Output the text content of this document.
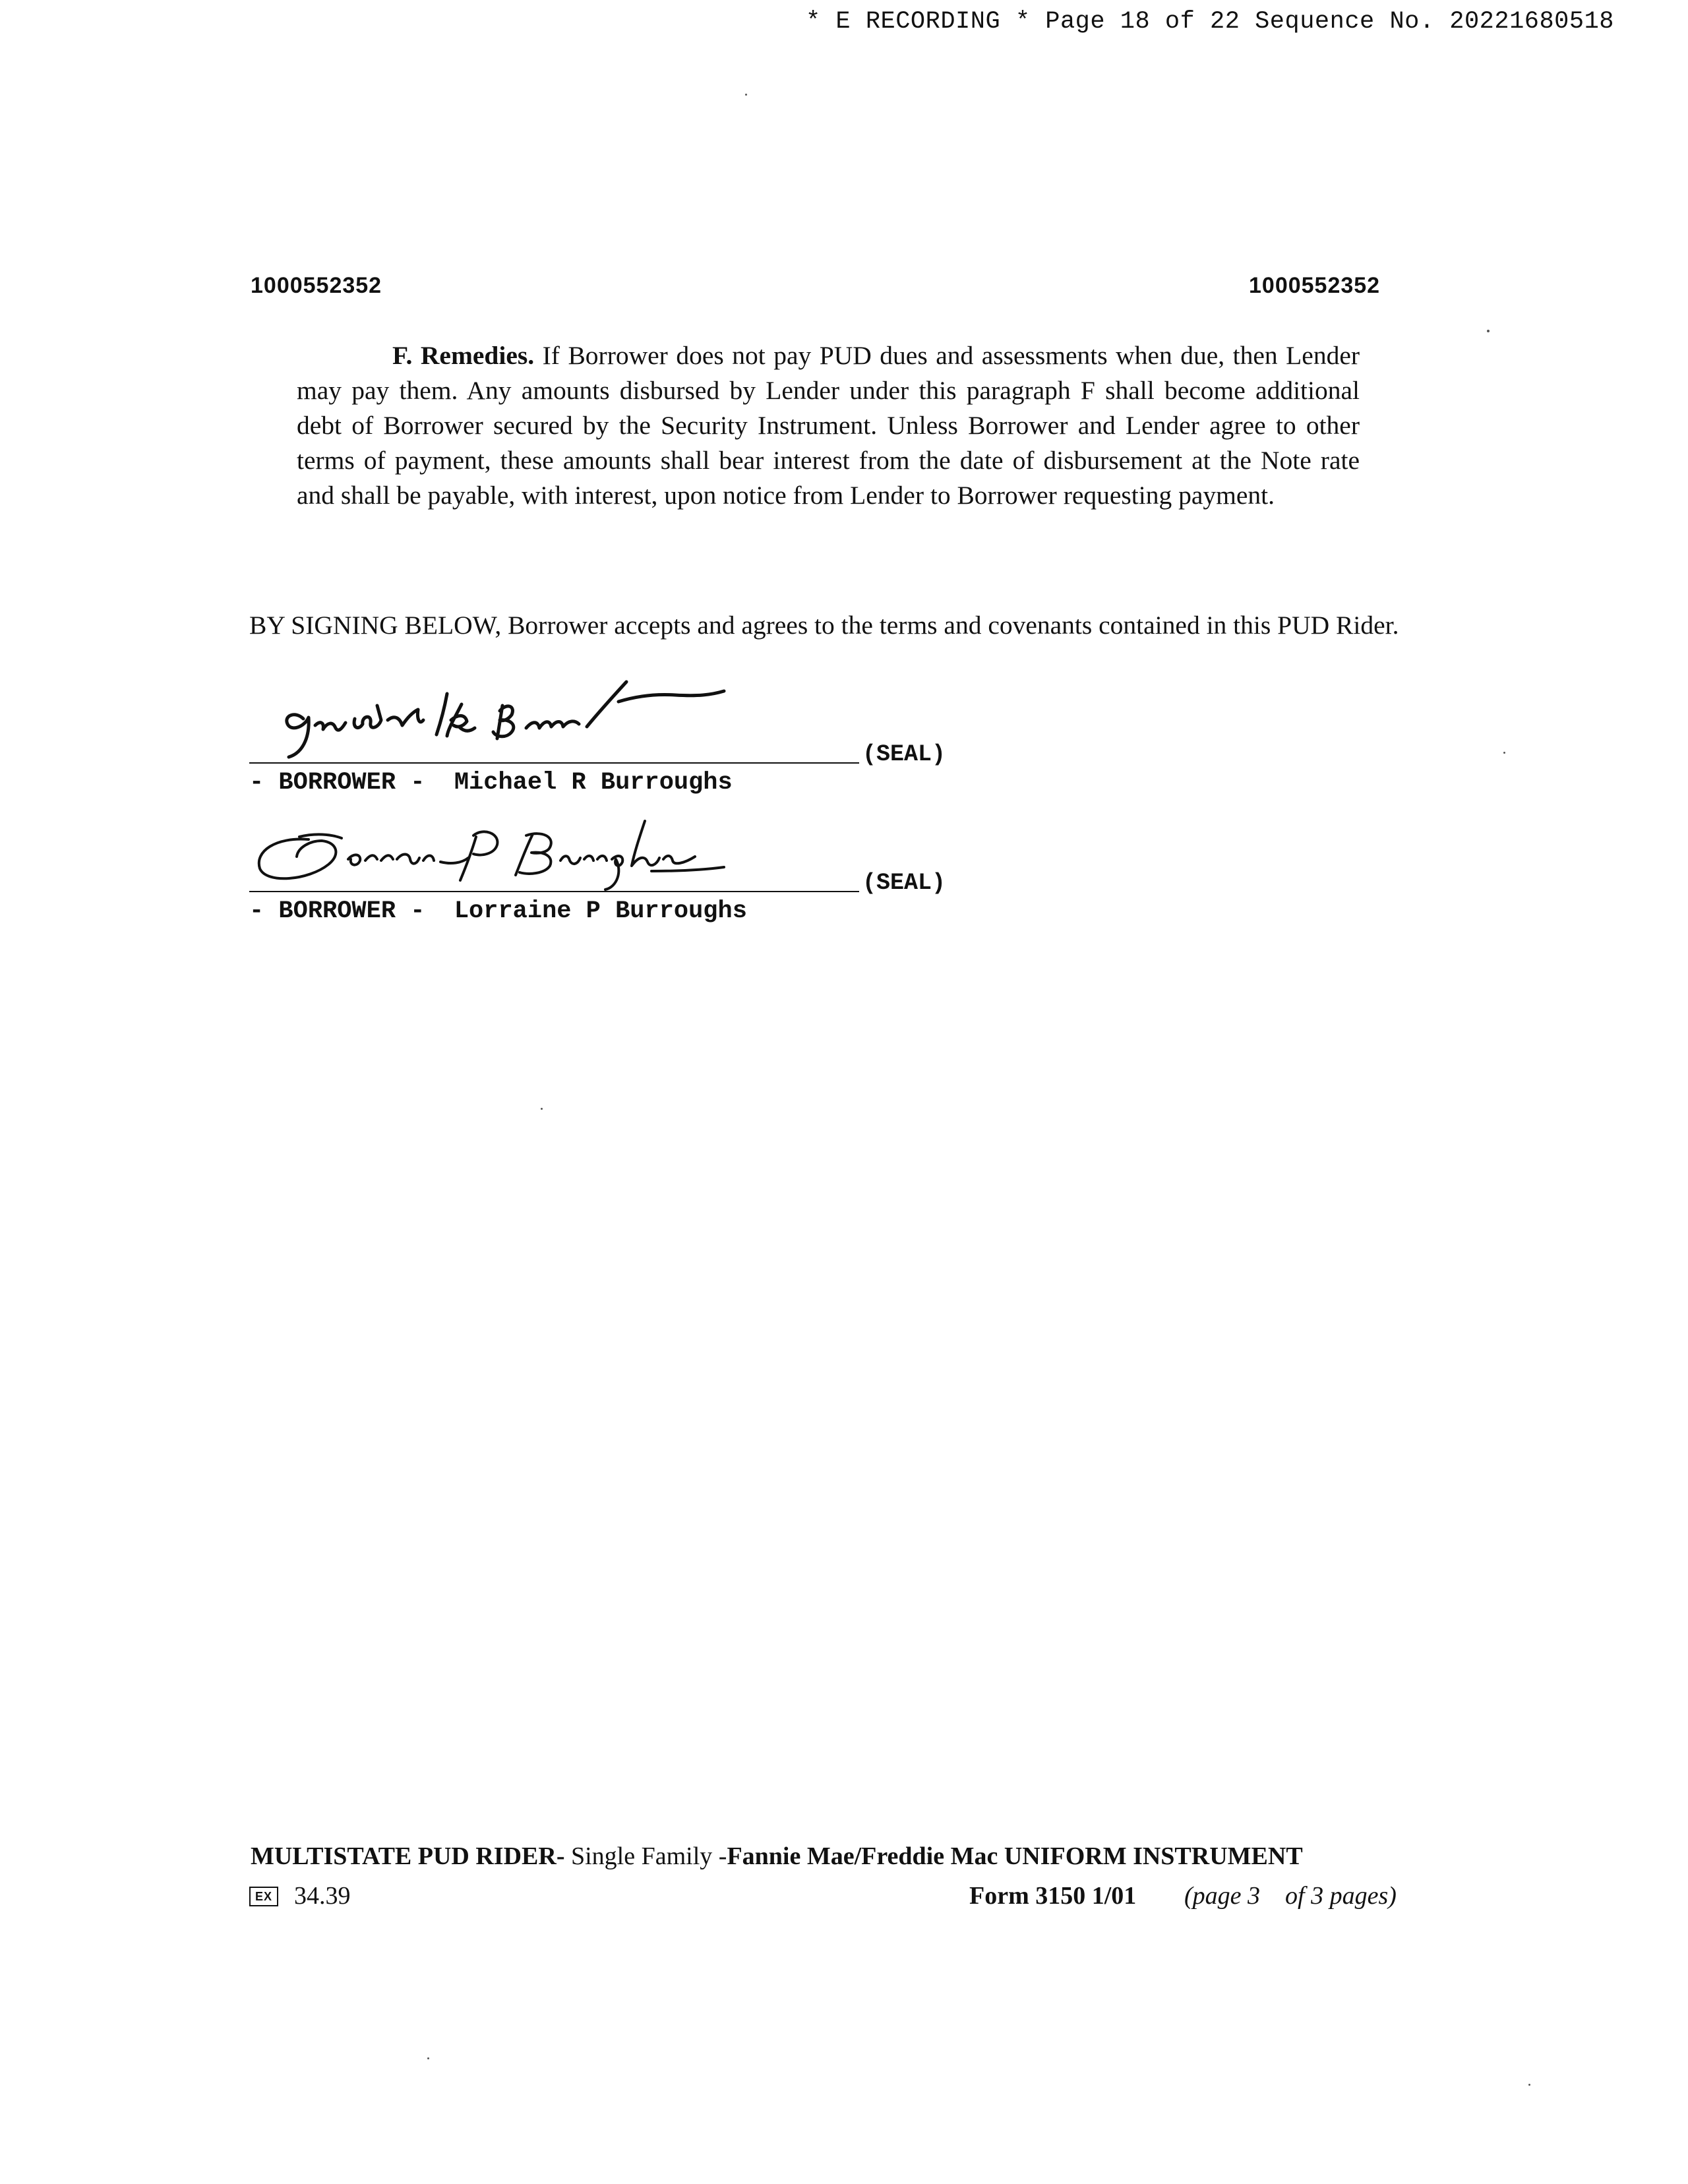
* E RECORDING * Page 18 of 22 Sequence No. 20221680518
1000552352	1000552352
F. Remedies. If Borrower does not pay PUD dues and assessments when due, then Lender may pay them. Any amounts disbursed by Lender under this paragraph F shall become additional debt of Borrower secured by the Security Instrument. Unless Borrower and Lender agree to other terms of payment, these amounts shall bear interest from the date of disbursement at the Note rate and shall be payable, with interest, upon notice from Lender to Borrower requesting payment.
BY SIGNING BELOW, Borrower accepts and agrees to the terms and covenants contained in this PUD Rider.
(SEAL)
- BORROWER -  Michael R Burroughs
(SEAL)
- BORROWER -  Lorraine P Burroughs
MULTISTATE PUD RIDER- Single Family -Fannie Mae/Freddie Mac UNIFORM INSTRUMENT
EX 34.39	Form 3150 1/01 (page 3    of 3 pages)
